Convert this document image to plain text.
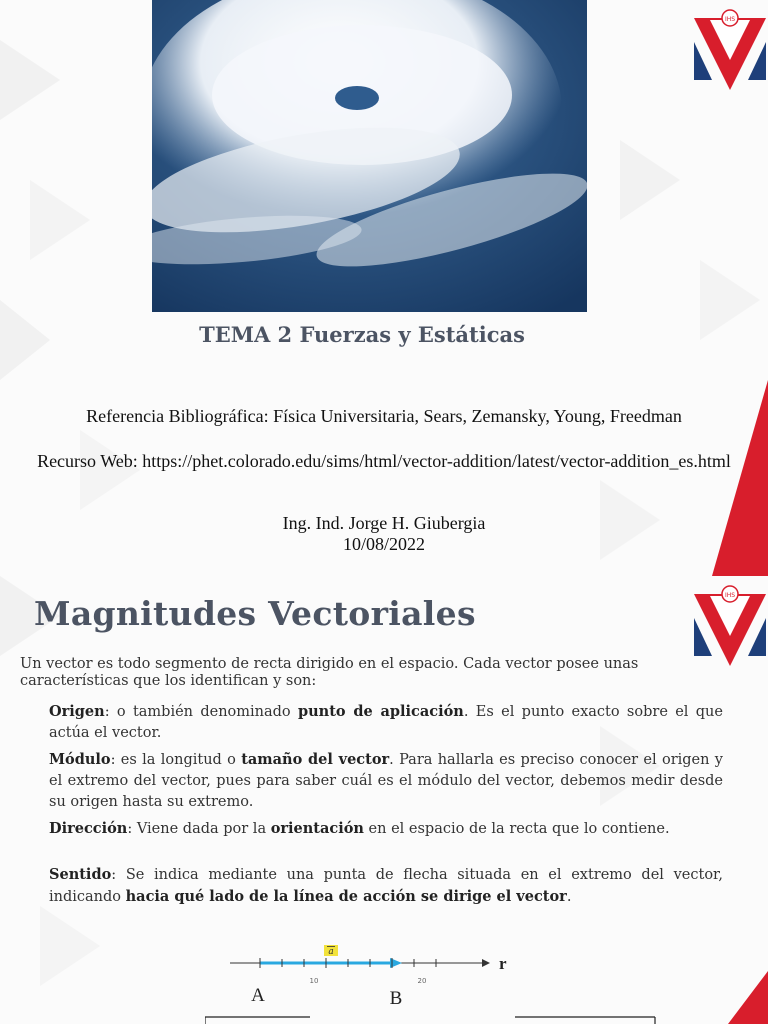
IHS
TEMA 2 Fuerzas y Estáticas
Referencia Bibliográfica: Física Universitaria, Sears, Zemansky, Young, Freedman
Recurso Web: https://phet.colorado.edu/sims/html/vector-addition/latest/vector-addition_es.html
Ing. Ind. Jorge H. Giubergia
10/08/2022
IHS
Magnitudes Vectoriales
Un vector es todo segmento de recta dirigido en el espacio. Cada vector posee unas características que los identifican y son:
Origen: o también denominado punto de aplicación. Es el punto exacto sobre el que actúa el vector.
Módulo: es la longitud o tamaño del vector. Para hallarla es preciso conocer el origen y el extremo del vector, pues para saber cuál es el módulo del vector, debemos medir desde su origen hasta su extremo.
Dirección: Viene dada por la orientación en el espacio de la recta que lo contiene.
Sentido: Se indica mediante una punta de flecha situada en el extremo del vector, indicando hacia qué lado de la línea de acción se dirige el vector.
r
a
10	20
A	B
